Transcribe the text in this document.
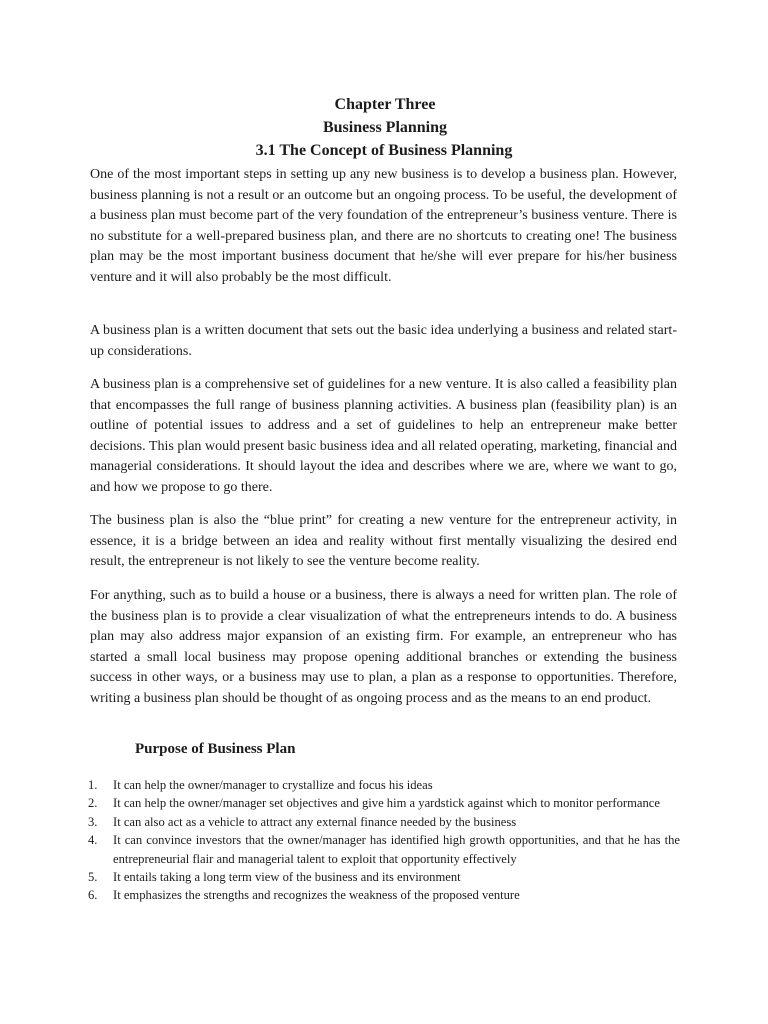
Chapter Three

Business Planning

3.1 The Concept of Business Planning

One of the most important steps in setting up any new business is to develop a business plan. However, business planning is not a result or an outcome but an ongoing process. To be useful, the development of a business plan must become part of the very foundation of the entrepreneur’s business venture. There is no substitute for a well-prepared business plan, and there are no shortcuts to creating one! The business plan may be the most important business document that he/she will ever prepare for his/her business venture and it will also probably be the most difficult.

A business plan is a written document that sets out the basic idea underlying a business and related start-up considerations.

A business plan is a comprehensive set of guidelines for a new venture. It is also called a feasibility plan that encompasses the full range of business planning activities. A business plan (feasibility plan) is an outline of potential issues to address and a set of guidelines to help an entrepreneur make better decisions. This plan would present basic business idea and all related operating, marketing, financial and managerial considerations. It should layout the idea and describes where we are, where we want to go, and how we propose to go there.

The business plan is also the “blue print” for creating a new venture for the entrepreneur activity, in essence, it is a bridge between an idea and reality without first mentally visualizing the desired end result, the entrepreneur is not likely to see the venture become reality.

For anything, such as to build a house or a business, there is always a need for written plan. The role of the business plan is to provide a clear visualization of what the entrepreneurs intends to do. A business plan may also address major expansion of an existing firm. For example, an entrepreneur who has started a small local business may propose opening additional branches or extending the business success in other ways, or a business may use to plan, a plan as a response to opportunities. Therefore, writing a business plan should be thought of as ongoing process and as the means to an end product.

Purpose of Business Plan

1. It can help the owner/manager to crystallize and focus his ideas
2. It can help the owner/manager set objectives and give him a yardstick against which to monitor performance
3. It can also act as a vehicle to attract any external finance needed by the business
4. It can convince investors that the owner/manager has identified high growth opportunities, and that he has the entrepreneurial flair and managerial talent to exploit that opportunity effectively
5. It entails taking a long term view of the business and its environment
6. It emphasizes the strengths and recognizes the weakness of the proposed venture
